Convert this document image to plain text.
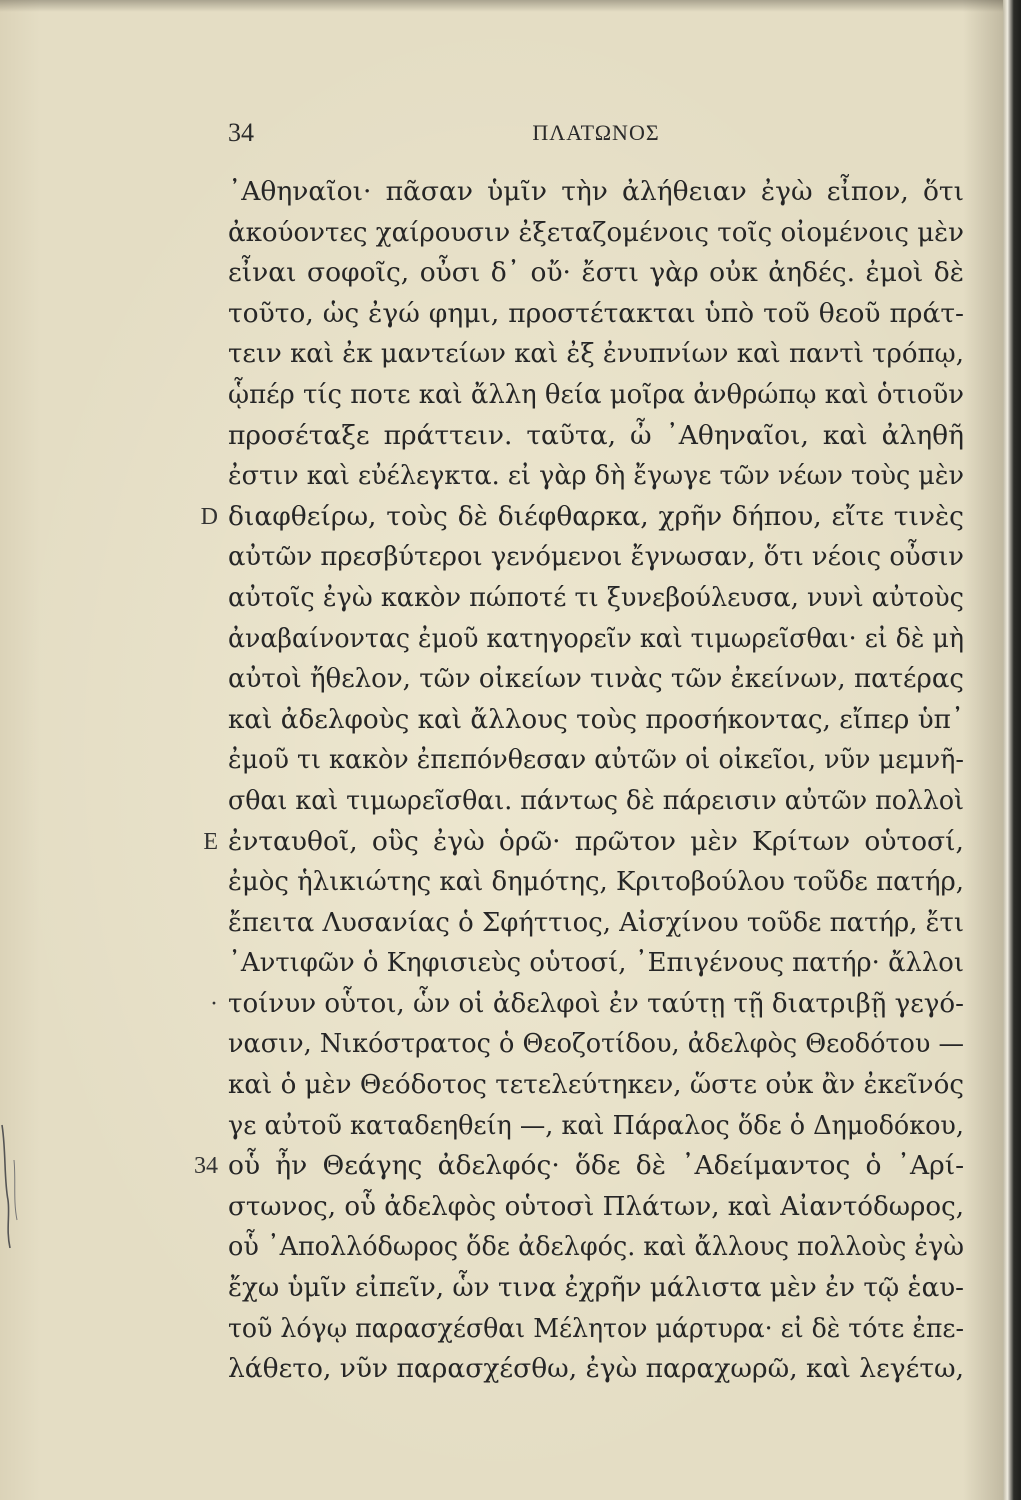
34	ΠΛΑΤΩΝΟΣ
᾿Αθηναῖοι· πᾶσαν ὑμῖν τὴν ἀλήθειαν ἐγὼ εἶπον, ὅτι
ἀκούοντες χαίρουσιν ἐξεταζομένοις τοῖς οἰομένοις μὲν
εἶναι σοφοῖς, οὖσι δ᾽ οὔ· ἔστι γὰρ οὐκ ἀηδές. ἐμοὶ δὲ
τοῦτο, ὡς ἐγώ φημι, προστέτακται ὑπὸ τοῦ θεοῦ πράτ-
τειν καὶ ἐκ μαντείων καὶ ἐξ ἐνυπνίων καὶ παντὶ τρόπῳ,
ᾧπέρ τίς ποτε καὶ ἄλλη θεία μοῖρα ἀνθρώπῳ καὶ ὁτιοῦν
προσέταξε πράττειν. ταῦτα, ὦ ᾿Αθηναῖοι, καὶ ἀληθῆ
ἐστιν καὶ εὐέλεγκτα. εἰ γὰρ δὴ ἔγωγε τῶν νέων τοὺς μὲν
διαφθείρω, τοὺς δὲ διέφθαρκα, χρῆν δήπου, εἴτε τινὲς
D
αὐτῶν πρεσβύτεροι γενόμενοι ἔγνωσαν, ὅτι νέοις οὖσιν
αὐτοῖς ἐγὼ κακὸν πώποτέ τι ξυνεβούλευσα, νυνὶ αὐτοὺς
ἀναβαίνοντας ἐμοῦ κατηγορεῖν καὶ τιμωρεῖσθαι· εἰ δὲ μὴ
αὐτοὶ ἤθελον, τῶν οἰκείων τινὰς τῶν ἐκείνων, πατέρας
καὶ ἀδελφοὺς καὶ ἄλλους τοὺς προσήκοντας, εἴπερ ὑπ᾽
ἐμοῦ τι κακὸν ἐπεπόνθεσαν αὐτῶν οἱ οἰκεῖοι, νῦν μεμνῆ-
σθαι καὶ τιμωρεῖσθαι. πάντως δὲ πάρεισιν αὐτῶν πολλοὶ
ἐνταυθοῖ, οὓς ἐγὼ ὁρῶ· πρῶτον μὲν Κρίτων οὑτοσί,
E
ἐμὸς ἡλικιώτης καὶ δημότης, Κριτοβούλου τοῦδε πατήρ,
ἔπειτα Λυσανίας ὁ Σφήττιος, Αἰσχίνου τοῦδε πατήρ, ἔτι
᾿Αντιφῶν ὁ Κηφισιεὺς οὑτοσί, ᾿Επιγένους πατήρ· ἄλλοι
τοίνυν οὗτοι, ὧν οἱ ἀδελφοὶ ἐν ταύτῃ τῇ διατριβῇ γεγό-
·
νασιν, Νικόστρατος ὁ Θεοζοτίδου, ἀδελφὸς Θεοδότου —
καὶ ὁ μὲν Θεόδοτος τετελεύτηκεν, ὥστε οὐκ ἂν ἐκεῖνός
γε αὐτοῦ καταδεηθείη —, καὶ Πάραλος ὅδε ὁ Δημοδόκου,
οὗ ἦν Θεάγης ἀδελφός· ὅδε δὲ ᾿Αδείμαντος ὁ ᾿Αρί-
34
στωνος, οὗ ἀδελφὸς οὑτοσὶ Πλάτων, καὶ Αἰαντόδωρος,
οὗ ᾿Απολλόδωρος ὅδε ἀδελφός. καὶ ἄλλους πολλοὺς ἐγὼ
ἔχω ὑμῖν εἰπεῖν, ὧν τινα ἐχρῆν μάλιστα μὲν ἐν τῷ ἑαυ-
τοῦ λόγῳ παρασχέσθαι Μέλητον μάρτυρα· εἰ δὲ τότε ἐπε-
λάθετο, νῦν παρασχέσθω, ἐγὼ παραχωρῶ, καὶ λεγέτω,
